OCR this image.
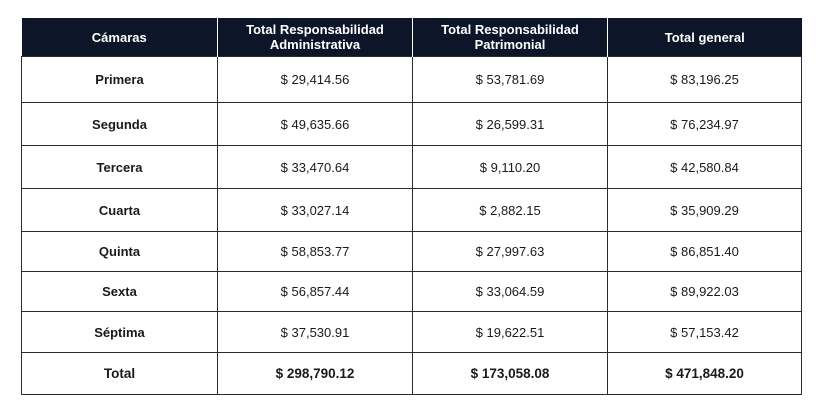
Cámaras	Total Responsabilidad Administrativa	Total Responsabilidad Patrimonial	Total general
Primera	$ 29,414.56	$ 53,781.69	$ 83,196.25
Segunda	$ 49,635.66	$ 26,599.31	$ 76,234.97
Tercera	$ 33,470.64	$ 9,110.20	$ 42,580.84
Cuarta	$ 33,027.14	$ 2,882.15	$ 35,909.29
Quinta	$ 58,853.77	$ 27,997.63	$ 86,851.40
Sexta	$ 56,857.44	$ 33,064.59	$ 89,922.03
Séptima	$ 37,530.91	$ 19,622.51	$ 57,153.42
Total	$ 298,790.12	$ 173,058.08	$ 471,848.20
